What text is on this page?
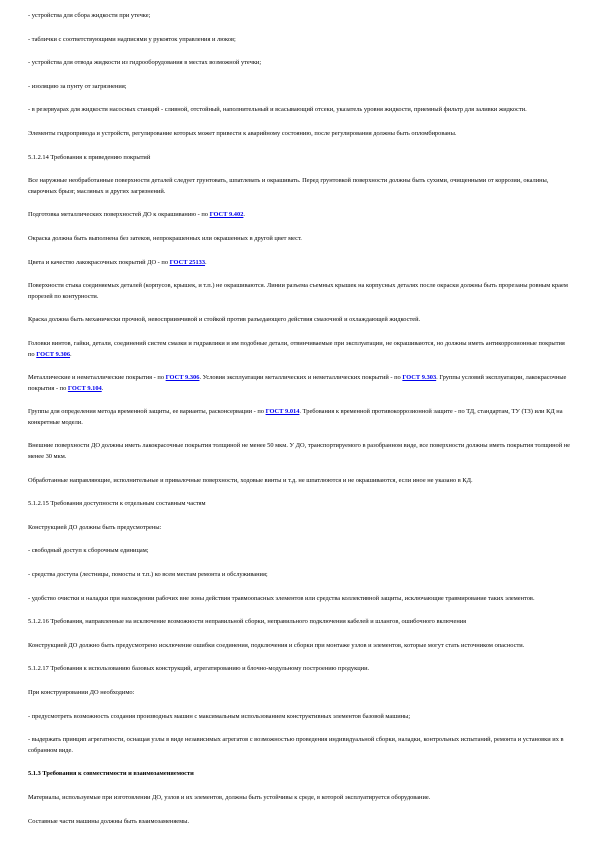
- устройства для сбора жидкости при утечке;

- таблички с соответствующими надписями у рукояток управления и люков;

- устройства для отвода жидкости из гидрооборудования в местах возможной утечки;

- изоляцию за пунту от загрязнения;

- в резервуарах для жидкости насосных станций - сливной, отстойный, наполнительный и всасывающий отсеки, указатель уровня жидкости, приемный фильтр для заливки жидкости.

Элементы гидропривода и устройств, регулирование которых может привести к аварийному состоянию, после регулирования должны быть опломбированы.

5.1.2.14 Требования к приведению покрытий

Все наружные необработанные поверхности деталей следует грунтовать, шпатлевать и окрашивать. Перед грунтовкой поверхности должны быть сухими, очищенными от коррозии, окалины, сварочных брызг, масляных и других загрязнений.

Подготовка металлических поверхностей ДО к окрашиванию - по ГОСТ 9.402.

Окраска должна быть выполнена без затеков, непрокрашенных или окрашенных в другой цвет мест.

Цвета и качество лакокрасочных покрытий ДО - по ГОСТ 25133.

Поверхности стыка соединяемых деталей (корпусов, крышек, и т.п.) не окрашиваются. Линии разъема съемных крышек на корпусных деталях после окраски должны быть прорезаны ровным краем прорезей по контурности.

Краска должна быть механически прочной, невосприимчивой и стойкой против разъедающего действия смазочной и охлаждающей жидкостей.

Головки винтов, гайки, детали, соединений систем смазки и гидравлики и им подобные детали, отвинчиваемые при эксплуатации, не окрашиваются, но должны иметь антикоррозионные покрытия по ГОСТ 9.306.

Металлические и неметаллические покрытия - по ГОСТ 9.306. Условия эксплуатации металлических и неметаллических покрытий - по ГОСТ 9.303. Группы условий эксплуатации, лакокрасочные покрытия - по ГОСТ 9.104.

Группы для определения метода временной защиты, ее варианты, расконсервации - по ГОСТ 9.014. Требования к временной противокоррозионной защите - по ТД, стандартам, ТУ (ТЗ) или КД на конкретные модели.

Внешние поверхности ДО должны иметь лакокрасочные покрытия толщиной не менее 50 мкм. У ДО, транспортируемого в разобранном виде, все поверхности должны иметь покрытия толщиной не менее 30 мкм.

Обработанные направляющие, исполнительные и привалочные поверхности, ходовые винты и т.д. не шпатлюются и не окрашиваются, если иное не указано в КД.

5.1.2.15 Требования доступности к отдельным составным частям

Конструкцией ДО должны быть предусмотрены:

- свободный доступ к сборочным единицам;

- средства доступа (лестницы, помосты и т.п.) ко всем местам ремонта и обслуживания;

- удобство очистки и наладки при нахождении рабочих вне зоны действия травмоопасных элементов или средства коллективной защиты, исключающие травмирование таких элементов.

5.1.2.16 Требования, направленные на исключение возможности неправильной сборки, неправильного подключения кабелей и шлангов, ошибочного включения

Конструкцией ДО должно быть предусмотрено исключение ошибки соединения, подключения и сборки при монтаже узлов и элементов, которые могут стать источником опасности.

5.1.2.17 Требования к использованию базовых конструкций, агрегатированию и блочно-модульному построению продукции.

При конструировании ДО необходимо:

- предусмотреть возможность создания производных машин с максимальным использованием конструктивных элементов базовой машины;

- выдержать принцип агрегатности, оснащая узлы в виде независимых агрегатов с возможностью проведения индивидуальной сборки, наладки, контрольных испытаний, ремонта и установки их в собранном виде.

5.1.3 Требования к совместимости и взаимозаменяемости

Материалы, используемые при изготовлении ДО, узлов и их элементов, должны быть устойчивы к среде, в которой эксплуатируется оборудование.

Составные части машины должны быть взаимозаменяемы.
